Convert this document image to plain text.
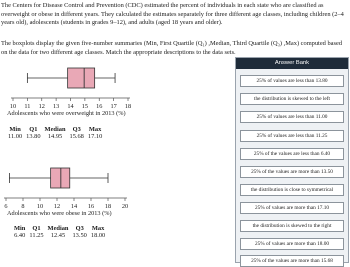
The Centers for Disease Control and Prevention (CDC) estimated the percent of individuals in each state who are classified as overweight or obese in different years. They calculated the estimates separately for three different age classes, including children (2–4 years old), adolescents (students in grades 9–12), and adults (aged 18 years and older).

The boxplots display the given five-number summaries (Min, First Quartile (Q₁) ,Median, Third Quartile (Q₃) ,Max) computed based on the data for two different age classes. Match the appropriate descriptions to the data sets.

10 11 12 13 14 15 16 17 18
Adolescents who were overweight in 2013 (%)
Min	Q1	Median	Q3	Max
11.00	13.80	14.95	15.68	17.10
6 8 10 12 14 16 18 20
Adolescents who were obese in 2013 (%)
Min	Q1	Median	Q3	Max
6.40	11.25	12.45	13.50	18.00
Answer Bank
25% of values are less than 13.80
the distribution is skewed to the left
25% of values are less than 11.00
25% of values are less than 11.25
25% of the values are less than 6.40
25% of the values are more than 13.50
the distribution is close to symmetrical
25% of values are more than 17.10
the distribution is skewed to the right
25% of values are more than 18.00
25% of the values are more than 15.68
